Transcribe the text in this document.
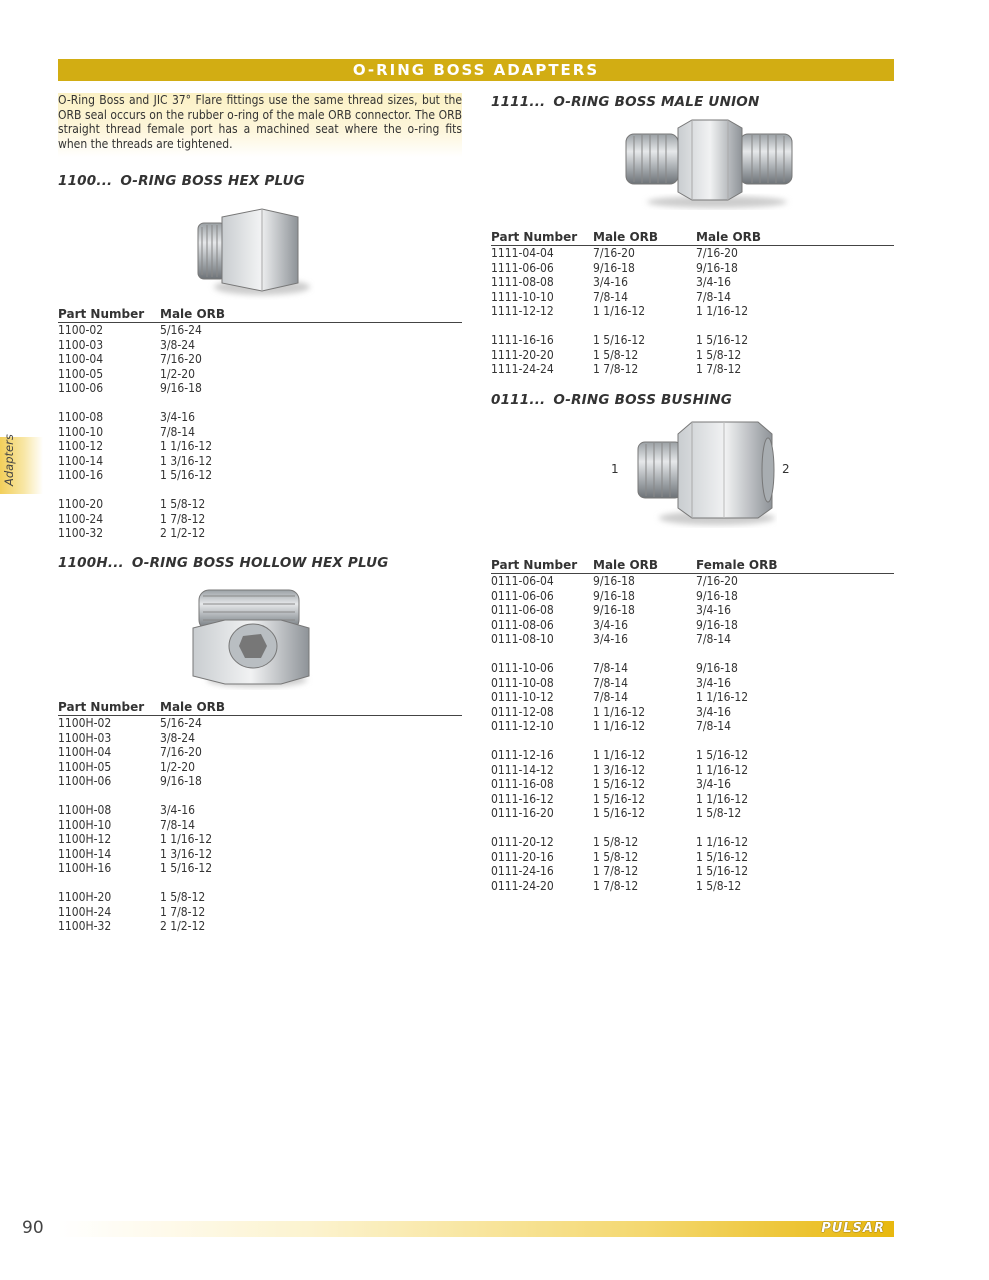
O-RING BOSS ADAPTERS
O-Ring Boss and JIC 37° Flare fittings use the same thread sizes, but the ORB seal occurs on the rubber o-ring of the male ORB connector. The ORB straight thread female port has a machined seat where the o-ring fits when the threads are tightened.
1100... O-RING BOSS HEX PLUG
Part Number Male ORB
1100-02	5/16-24
1100-03	3/8-24
1100-04	7/16-20
1100-05	1/2-20
1100-06	9/16-18
1100-08	3/4-16
1100-10	7/8-14
1100-12	1 1/16-12
1100-14	1 3/16-12
1100-16	1 5/16-12
1100-20	1 5/8-12
1100-24	1 7/8-12
1100-32	2 1/2-12
1100H... O-RING BOSS HOLLOW HEX PLUG
Part Number Male ORB
1100H-02	5/16-24
1100H-03	3/8-24
1100H-04	7/16-20
1100H-05	1/2-20
1100H-06	9/16-18
1100H-08	3/4-16
1100H-10	7/8-14
1100H-12	1 1/16-12
1100H-14	1 3/16-12
1100H-16	1 5/16-12
1100H-20	1 5/8-12
1100H-24	1 7/8-12
1100H-32	2 1/2-12
1111... O-RING BOSS MALE UNION
Part Number Male ORB	Male ORB
1111-04-04	7/16-20	7/16-20
1111-06-06	9/16-18	9/16-18
1111-08-08	3/4-16	3/4-16
1111-10-10	7/8-14	7/8-14
1111-12-12	1 1/16-12	1 1/16-12
1111-16-16	1 5/16-12	1 5/16-12
1111-20-20	1 5/8-12	1 5/8-12
1111-24-24	1 7/8-12	1 7/8-12
0111... O-RING BOSS BUSHING
1	2
Part Number Male ORB	Female ORB
0111-06-04	9/16-18	7/16-20
0111-06-06	9/16-18	9/16-18
0111-06-08	9/16-18	3/4-16
0111-08-06	3/4-16	9/16-18
0111-08-10	3/4-16	7/8-14
0111-10-06	7/8-14	9/16-18
0111-10-08	7/8-14	3/4-16
0111-10-12	7/8-14	1 1/16-12
0111-12-08	1 1/16-12	3/4-16
0111-12-10	1 1/16-12	7/8-14
0111-12-16	1 1/16-12	1 5/16-12
0111-14-12	1 3/16-12	1 1/16-12
0111-16-08	1 5/16-12	3/4-16
0111-16-12	1 5/16-12	1 1/16-12
0111-16-20	1 5/16-12	1 5/8-12
0111-20-12	1 5/8-12	1 1/16-12
0111-20-16	1 5/8-12	1 5/16-12
0111-24-16	1 7/8-12	1 5/16-12
0111-24-20	1 7/8-12	1 5/8-12
Adapters
90	PULSAR
